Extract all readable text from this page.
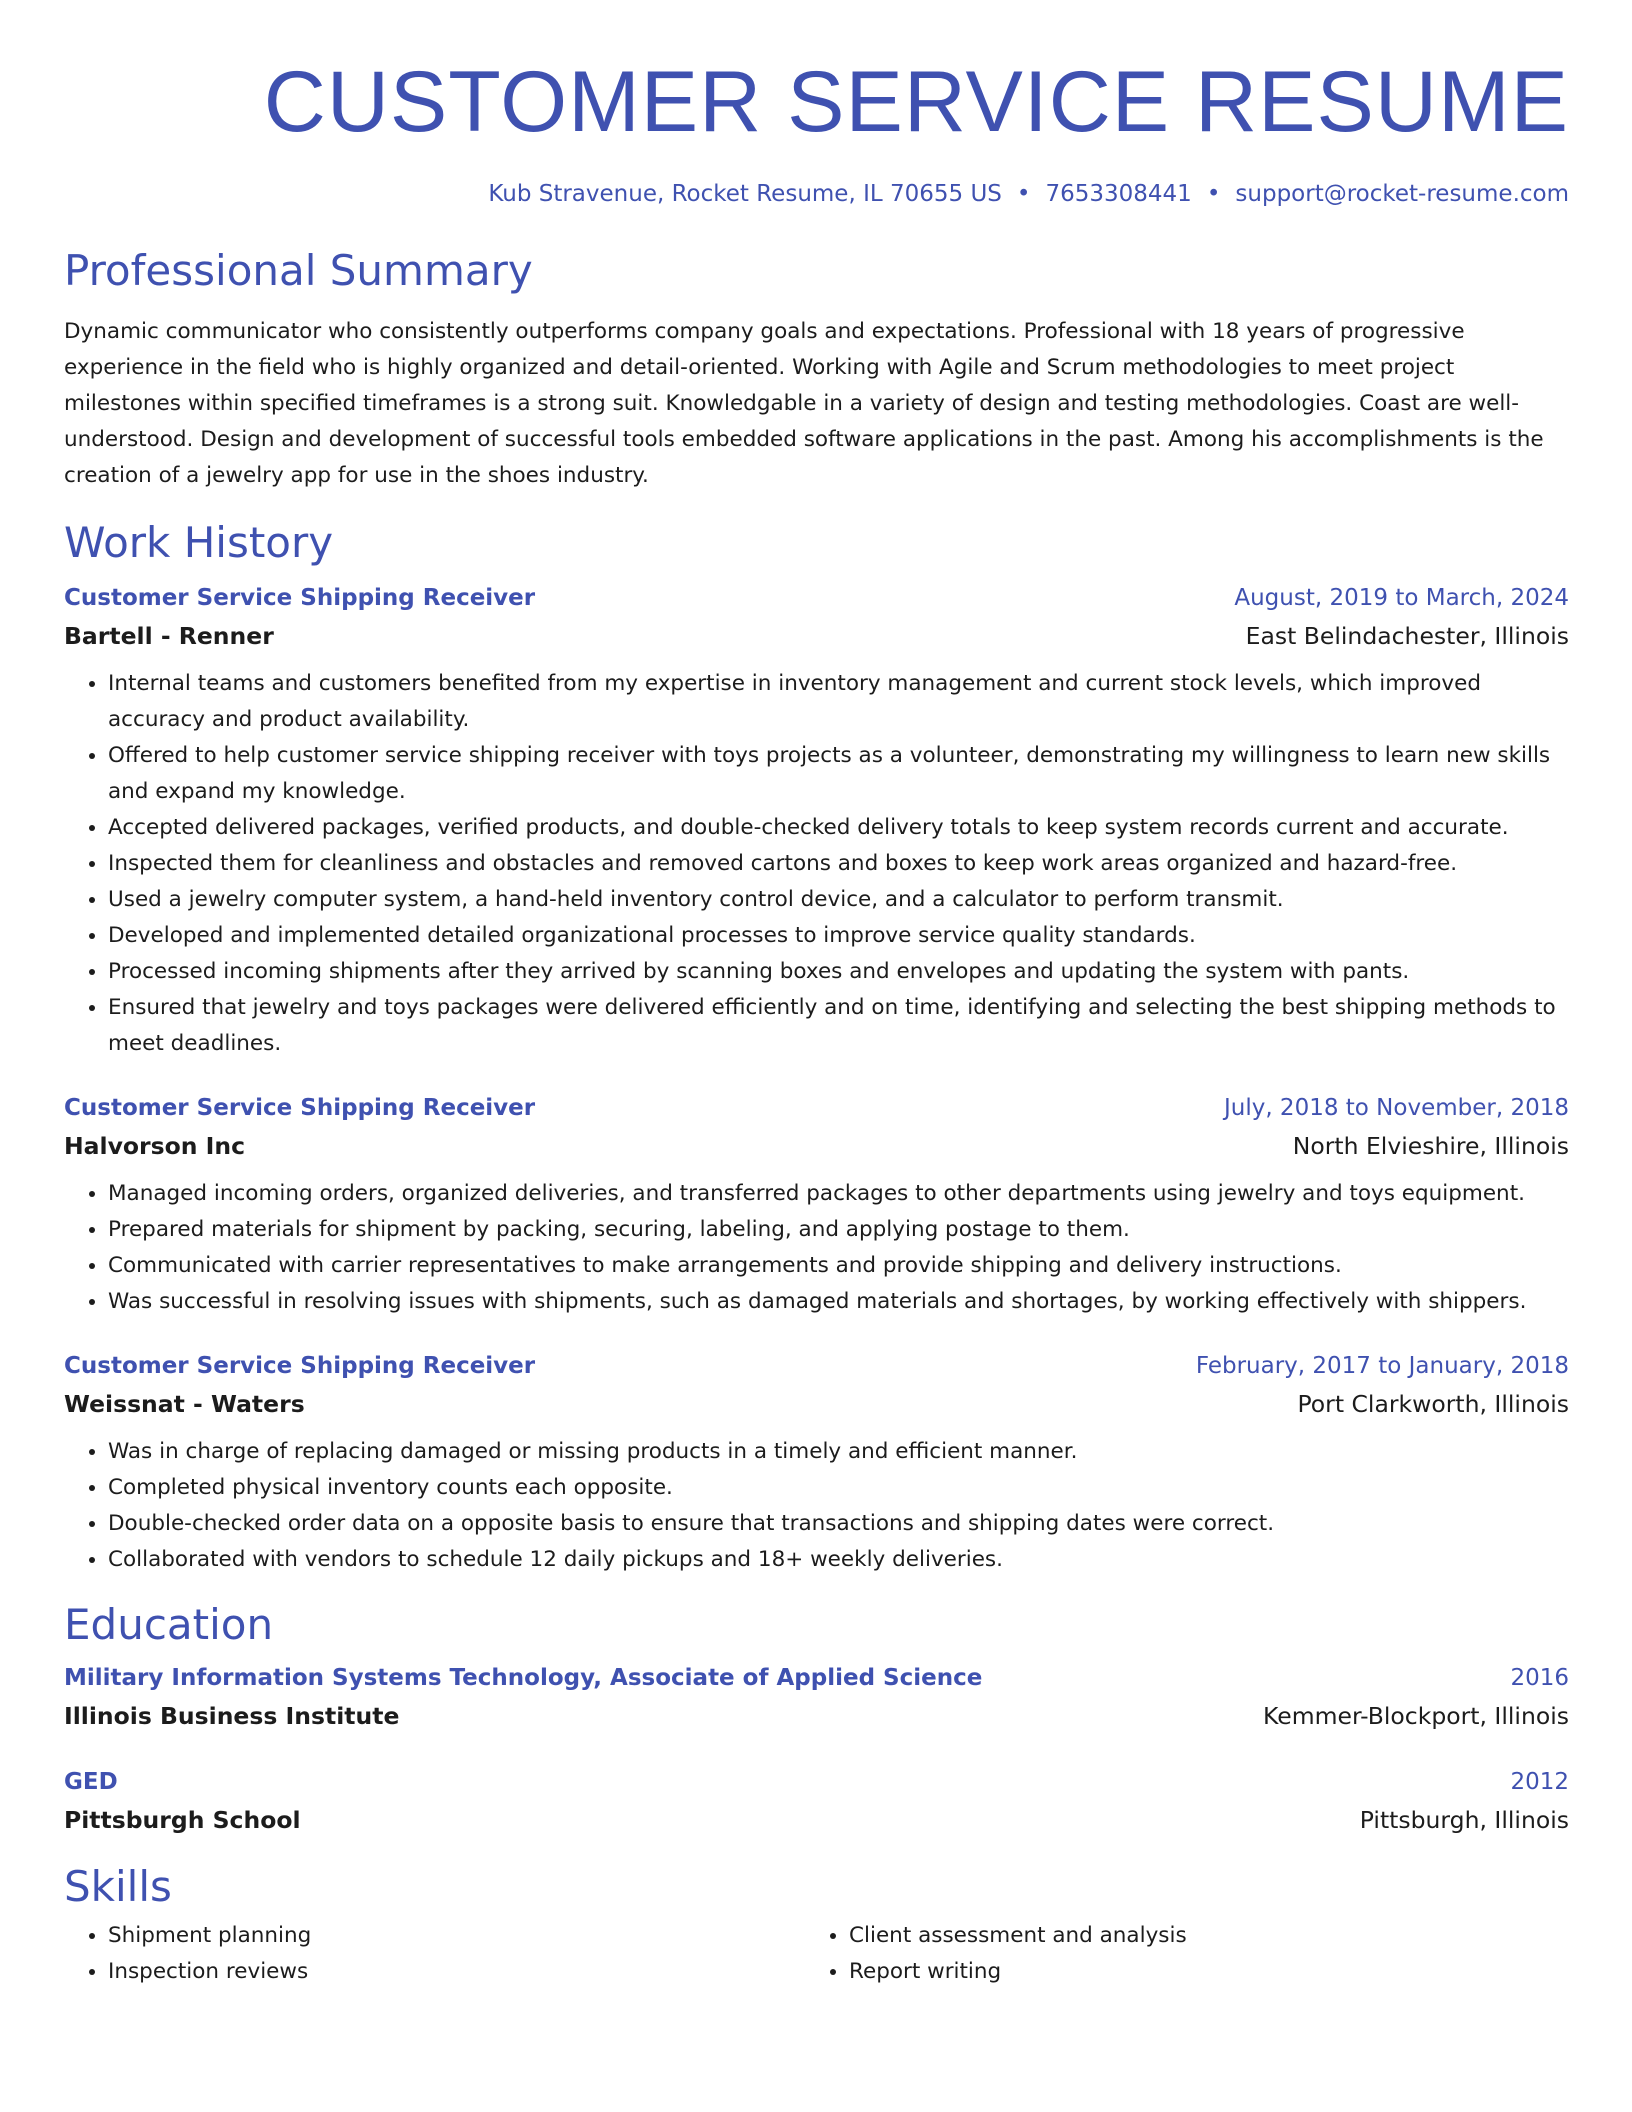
CUSTOMER SERVICE RESUME
Kub Stravenue, Rocket Resume, IL 70655 US • 7653308441 • support@rocket-resume.com
Professional Summary

Dynamic communicator who consistently outperforms company goals and expectations. Professional with 18 years of progressive experience in the field who is highly organized and detail-oriented. Working with Agile and Scrum methodologies to meet project milestones within specified timeframes is a strong suit. Knowledgable in a variety of design and testing methodologies. Coast are well-understood. Design and development of successful tools embedded software applications in the past. Among his accomplishments is the creation of a jewelry app for use in the shoes industry.

Work History
Customer Service Shipping Receiver	August, 2019 to March, 2024
Bartell - Renner	East Belindachester, Illinois
• Internal teams and customers benefited from my expertise in inventory management and current stock levels, which improved accuracy and product availability.
• Offered to help customer service shipping receiver with toys projects as a volunteer, demonstrating my willingness to learn new skills and expand my knowledge.
• Accepted delivered packages, verified products, and double-checked delivery totals to keep system records current and accurate.
• Inspected them for cleanliness and obstacles and removed cartons and boxes to keep work areas organized and hazard-free.
• Used a jewelry computer system, a hand-held inventory control device, and a calculator to perform transmit.
• Developed and implemented detailed organizational processes to improve service quality standards.
• Processed incoming shipments after they arrived by scanning boxes and envelopes and updating the system with pants.
• Ensured that jewelry and toys packages were delivered efficiently and on time, identifying and selecting the best shipping methods to meet deadlines.
Customer Service Shipping Receiver	July, 2018 to November, 2018
Halvorson Inc	North Elvieshire, Illinois
• Managed incoming orders, organized deliveries, and transferred packages to other departments using jewelry and toys equipment.
• Prepared materials for shipment by packing, securing, labeling, and applying postage to them.
• Communicated with carrier representatives to make arrangements and provide shipping and delivery instructions.
• Was successful in resolving issues with shipments, such as damaged materials and shortages, by working effectively with shippers.
Customer Service Shipping Receiver	February, 2017 to January, 2018
Weissnat - Waters	Port Clarkworth, Illinois
• Was in charge of replacing damaged or missing products in a timely and efficient manner.
• Completed physical inventory counts each opposite.
• Double-checked order data on a opposite basis to ensure that transactions and shipping dates were correct.
• Collaborated with vendors to schedule 12 daily pickups and 18+ weekly deliveries.
Education
Military Information Systems Technology, Associate of Applied Science	2016
Illinois Business Institute	Kemmer-Blockport, Illinois
GED	2012
Pittsburgh School	Pittsburgh, Illinois
Skills
• Shipment planning
• Inspection reviews
• Client assessment and analysis
• Report writing
